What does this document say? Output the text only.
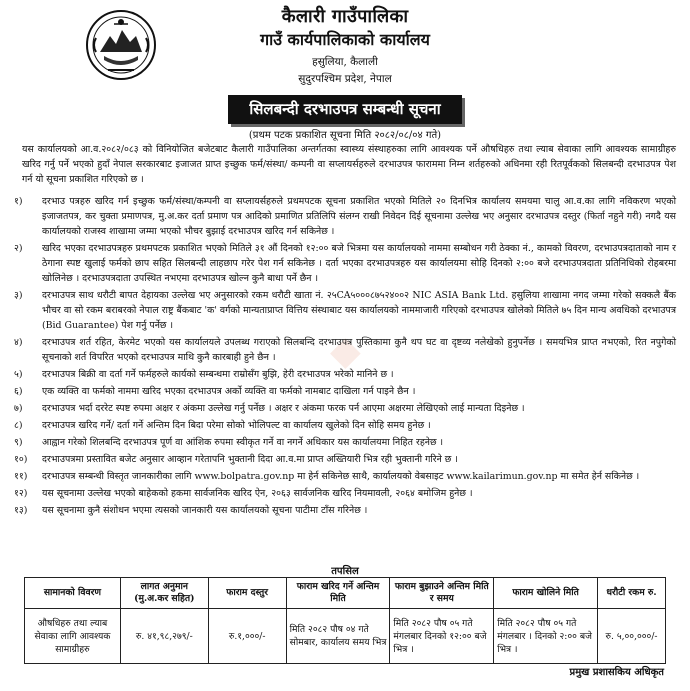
कैलारी गाउँपालिका
गाउँ कार्यपालिकाको कार्यालय
हसुलिया, कैलाली
सुदुरपश्चिम प्रदेश, नेपाल
सिलबन्दी दरभाउपत्र सम्बन्धी सूचना
(प्रथम पटक प्रकाशित सूचना मिति २०८२/०८/०४ गते)
यस कार्यालयको आ.व.२०८२/०८३ को विनियोजित बजेटबाट कैलारी गाउँपालिका अन्तर्गतका स्वास्थ्य संस्थाहरुका लागि आवश्यक पर्ने औषधिहरु तथा ल्याब सेवाका लागि आवश्यक सामाग्रीहरु खरिद गर्नु पर्ने भएको हुदाँ नेपाल सरकारबाट इजाजत प्राप्त इच्छुक फर्म/संस्था/ कम्पनी वा सप्लायर्सहरुले दरभाउपत्र फाराममा निम्न शर्तहरुको अधिनमा रही रितपूर्वकको सिलबन्दी दरभाउपत्र पेश गर्न यो सूचना प्रकाशित गरिएको छ ।
◆
१) दरभाउ पत्रहरु खरिद गर्न इच्छुक फर्म/संस्था/कम्पनी वा सप्लायर्सहरुले प्रथमपटक सूचना प्रकाशित भएको मितिले २० दिनभित्र कार्यालय समयमा चालु आ.व.का लागि नविकरण भएको इजाजतपत्र, कर चुक्ता प्रमाणपत्र, मु.अ.कर दर्ता प्रमाण पत्र आदिको प्रमाणित प्रतिलिपि संलग्न राखी निवेदन दिई सूचनामा उल्लेख भए अनुसार दरभाउपत्र दस्तुर (फिर्ता नहुने गरी) नगदै यस कार्यालयको राजस्व शाखामा जम्मा भएको भौचर बुझाई दरभाउपत्र खरिद गर्न सकिनेछ ।
२) खरिद भएका दरभाउपत्रहरु प्रथमपटक प्रकाशित भएको मितिले ३१ औं दिनको १२:०० बजे भित्रमा यस कार्यालयको नाममा सम्बोधन गरी ठेक्का नं., कामको विवरण, दरभाउपत्रदाताको नाम र ठेगाना स्पष्ट खुलाई फर्मको छाप सहित सिलबन्दी लाहछाप गरेर पेश गर्न सकिनेछ । दर्ता भएका दरभाउपत्रहरु यस कार्यालयमा सोहि दिनको २:०० बजे दरभाउपत्रदाता प्रतिनिधिको रोहबरमा खोलिनेछ । दरभाउपत्रदाता उपस्थित नभएमा दरभाउपत्र खोल्न कुनै बाधा पर्ने छैन ।
३) दरभाउपत्र साथ धरौटी बापत देहायका उल्लेख भए अनुसारको रकम धरौटी खाता नं. २५CA५०००८७५२४००२ NIC ASIA Bank Ltd. हसुलिया शाखामा नगद जम्मा गरेको सक्कलै बैंक भौचर वा सो रकम बराबरको नेपाल राष्ट्र बैंकबाट 'क' वर्गको मान्यताप्राप्त वित्तिय संस्थाबाट यस कार्यालयको नाममाजारी गरिएको दरभाउपत्र खोलेको मितिले ७५ दिन मान्य अवधिको दरभाउपत्र (Bid Guarantee) पेश गर्नु पर्नेछ ।
४) दरभाउपत्र शर्त रहित, केरमेट भएको यस कार्यालयले उपलब्ध गराएको सिलबन्दि दरभाउपत्र पुस्तिकामा कुनै थप घट वा दृष्टव्य नलेखेको हुनुपर्नेछ । समयभित्र प्राप्त नभएको, रित नपुगेको सूचनाको शर्त विपरित भएको दरभाउपत्र माथि कुनै कारबाही हुने छैन ।
५) दरभाउपत्र बिक्री वा दर्ता गर्ने फर्महरुले कार्यको सम्बन्धमा राम्रोसँग बुझि, हेरी दरभाउपत्र भरेको मानिने छ ।
६) एक व्यक्ति वा फर्मको नाममा खरिद भएका दरभाउपत्र अर्को व्यक्ति वा फर्मको नामबाट दाखिला गर्न पाइने छैन ।
७) दरभाउपत्र भर्दा दररेट स्पष्ट रुपमा अक्षर र अंकमा उल्लेख गर्नु पर्नेछ । अक्षर र अंकमा फरक पर्न आएमा अक्षरमा लेखिएको लाई मान्यता दिइनेछ ।
८) दरभाउपत्र खरिद गर्ने/ दर्ता गर्ने अन्तिम दिन बिदा परेमा सोको भोलिपल्ट वा कार्यालय खुलेको दिन सोहि समय हुनेछ ।
९) आह्वान गरेको शिलबन्दि दरभाउपत्र पूर्ण वा आंशिक रुपमा स्वीकृत गर्ने वा नगर्ने अधिकार यस कार्यालयमा निहित रहनेछ ।
१०) दरभाउपत्रमा प्रस्तावित बजेट अनुसार आव्हान गरेतापनि भुक्तानी दिदा आ.व.मा प्राप्त अख्तियारी भित्र रही भुक्तानी गरिने छ ।
११) दरभाउपत्र सम्बन्धी विस्तृत जानकारीका लागि www.bolpatra.gov.np मा हेर्न सकिनेछ साथै, कार्यालयको वेबसाइट www.kailarimun.gov.np मा समेत हेर्न सकिनेछ ।
१२) यस सूचनामा उल्लेख भएको बाहेकको हकमा सार्वजनिक खरिद ऐन, २०६३ सार्वजनिक खरिद नियमावली, २०६४ बमोजिम हुनेछ ।
१३) यस सूचनामा कुनै संशोधन भएमा त्यसको जानकारी यस कार्यालयको सूचना पाटीमा टाँस गरिनेछ ।
तपसिल
सामानको विवरण	लागत अनुमान (मु.अ.कर सहित)	फाराम दस्तुर	फाराम खरिद गर्ने अन्तिम मिति	फाराम बुझाउने अन्तिम मिति र समय	फाराम खोलिने मिति	धरौटी रकम रु.
औषधिहरु तथा ल्याब सेवाका लागि आवश्यक सामाग्रीहरु	रु. ४१,९८,२७९/-	रु.१,०००/-	मिति २०८२ पौष ०४ गते सोमबार, कार्यालय समय भित्र	मिति २०८२ पौष ०५ गते मंगलबार दिनको १२:०० बजे भित्र ।	मिति २०८२ पौष ०५ गते मंगलबार । दिनको २:०० बजे भित्र ।	रु. ५,००,०००/-
प्रमुख प्रशासकिय अधिकृत
